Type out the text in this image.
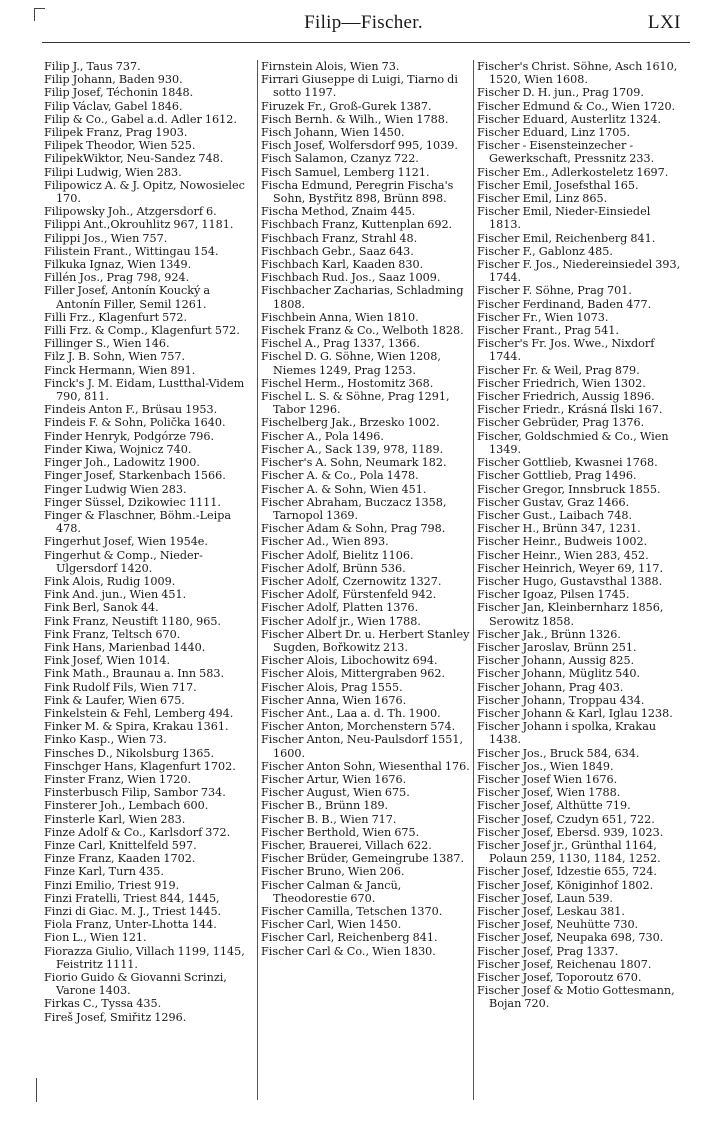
Filip—Fischer.	LXI
Filip J., Taus 737.
Filip Johann, Baden 930.
Filip Josef, Téchonin 1848.
Filip Václav, Gabel 1846.
Filip & Co., Gabel a.d. Adler 1612.
Filipek Franz, Prag 1903.
Filipek Theodor, Wien 525.
FilipekWiktor, Neu-Sandez 748.
Filipi Ludwig, Wien 283.
Filipowicz A. & J. Opitz, Nowosielec 170.
Filipowsky Joh., Atzgersdorf 6.
Filippi Ant.,Okrouhlitz 967, 1181.
Filippi Jos., Wien 757.
Filistein Frant., Wittingau 154.
Filkuka Ignaz, Wien 1349.
Fillén Jos., Prag 798, 924.
Filler Josef, Antonín Koucký a Antonín Filler, Semil 1261.
Filli Frz., Klagenfurt 572.
Filli Frz. & Comp., Klagenfurt 572.
Fillinger S., Wien 146.
Filz J. B. Sohn, Wien 757.
Finck Hermann, Wien 891.
Finck's J. M. Eidam, Lustthal-Videm 790, 811.
Findeis Anton F., Brüsau 1953.
Findeis F. & Sohn, Polička 1640.
Finder Henryk, Podgórze 796.
Finder Kiwa, Wojnicz 740.
Finger Joh., Ladowitz 1900.
Finger Josef, Starkenbach 1566.
Finger Ludwig Wien 283.
Finger Süssel, Dzikowiec 1111.
Finger & Flaschner, Böhm.-Leipa 478.
Fingerhut Josef, Wien 1954e.
Fingerhut & Comp., Nieder-Ulgersdorf 1420.
Fink Alois, Rudig 1009.
Fink And. jun., Wien 451.
Fink Berl, Sanok 44.
Fink Franz, Neustift 1180, 965.
Fink Franz, Teltsch 670.
Fink Hans, Marienbad 1440.
Fink Josef, Wien 1014.
Fink Math., Braunau a. Inn 583.
Fink Rudolf Fils, Wien 717.
Fink & Laufer, Wien 675.
Finkelstein & Fehl, Lemberg 494.
Finker M. & Spira, Krakau 1361.
Finko Kasp., Wien 73.
Finsches D., Nikolsburg 1365.
Finschger Hans, Klagenfurt 1702.
Finster Franz, Wien 1720.
Finsterbusch Filip, Sambor 734.
Finsterer Joh., Lembach 600.
Finsterle Karl, Wien 283.
Finze Adolf & Co., Karlsdorf 372.
Finze Carl, Knittelfeld 597.
Finze Franz, Kaaden 1702.
Finze Karl, Turn 435.
Finzi Emilio, Triest 919.
Finzi Fratelli, Triest 844, 1445,
Finzi di Giac. M. J., Triest 1445.
Fiola Franz, Unter-Lhotta 144.
Fion L., Wien 121.
Fiorazza Giulio, Villach 1199, 1145, Feistritz 1111.
Fiorio Guido & Giovanni Scrinzi, Varone 1403.
Firkas C., Tyssa 435.
Fireš Josef, Smiřitz 1296.
Firnstein Alois, Wien 73.
Firrari Giuseppe di Luigi, Tiarno di sotto 1197.
Firuzek Fr., Groß-Gurek 1387.
Fisch Bernh. & Wilh., Wien 1788.
Fisch Johann, Wien 1450.
Fisch Josef, Wolfersdorf 995, 1039.
Fisch Salamon, Czanyz 722.
Fisch Samuel, Lemberg 1121.
Fischa Edmund, Peregrin Fischa's Sohn, Bystřitz 898, Brünn 898.
Fischa Method, Znaim 445.
Fischbach Franz, Kuttenplan 692.
Fischbach Franz, Strahl 48.
Fischbach Gebr., Saaz 643.
Fischbach Karl, Kaaden 830.
Fischbach Rud. Jos., Saaz 1009.
Fischbacher Zacharias, Schladming 1808.
Fischbein Anna, Wien 1810.
Fischek Franz & Co., Welboth 1828.
Fischel A., Prag 1337, 1366.
Fischel D. G. Söhne, Wien 1208, Niemes 1249, Prag 1253.
Fischel Herm., Hostomitz 368.
Fischel L. S. & Söhne, Prag 1291, Tabor 1296.
Fischelberg Jak., Brzesko 1002.
Fischer A., Pola 1496.
Fischer A., Sack 139, 978, 1189.
Fischer's A. Sohn, Neumark 182.
Fischer A. & Co., Pola 1478.
Fischer A. & Sohn, Wien 451.
Fischer Abraham, Buczacz 1358, Tarnopol 1369.
Fischer Adam & Sohn, Prag 798.
Fischer Ad., Wien 893.
Fischer Adolf, Bielitz 1106.
Fischer Adolf, Brünn 536.
Fischer Adolf, Czernowitz 1327.
Fischer Adolf, Fürstenfeld 942.
Fischer Adolf, Platten 1376.
Fischer Adolf jr., Wien 1788.
Fischer Albert Dr. u. Herbert Stanley Sugden, Bořkowitz 213.
Fischer Alois, Libochowitz 694.
Fischer Alois, Mittergraben 962.
Fischer Alois, Prag 1555.
Fischer Anna, Wien 1676.
Fischer Ant., Laa a. d. Th. 1900.
Fischer Anton, Morchenstern 574.
Fischer Anton, Neu-Paulsdorf 1551, 1600.
Fischer Anton Sohn, Wiesenthal 176.
Fischer Artur, Wien 1676.
Fischer August, Wien 675.
Fischer B., Brünn 189.
Fischer B. B., Wien 717.
Fischer Berthold, Wien 675.
Fischer, Brauerei, Villach 622.
Fischer Brüder, Gemeingrube 1387.
Fischer Bruno, Wien 206.
Fischer Calman & Jancü, Theodorestie 670.
Fischer Camilla, Tetschen 1370.
Fischer Carl, Wien 1450.
Fischer Carl, Reichenberg 841.
Fischer Carl & Co., Wien 1830.
Fischer's Christ. Söhne, Asch 1610, 1520, Wien 1608.
Fischer D. H. jun., Prag 1709.
Fischer Edmund & Co., Wien 1720.
Fischer Eduard, Austerlitz 1324.
Fischer Eduard, Linz 1705.
Fischer - Eisensteinzecher - Gewerkschaft, Pressnitz 233.
Fischer Em., Adlerkosteletz 1697.
Fischer Emil, Josefsthal 165.
Fischer Emil, Linz 865.
Fischer Emil, Nieder-Einsiedel 1813.
Fischer Emil, Reichenberg 841.
Fischer F., Gablonz 485.
Fischer F. Jos., Niedereinsiedel 393, 1744.
Fischer F. Söhne, Prag 701.
Fischer Ferdinand, Baden 477.
Fischer Fr., Wien 1073.
Fischer Frant., Prag 541.
Fischer's Fr. Jos. Wwe., Nixdorf 1744.
Fischer Fr. & Weil, Prag 879.
Fischer Friedrich, Wien 1302.
Fischer Friedrich, Aussig 1896.
Fischer Friedr., Krásná Ilski 167.
Fischer Gebrüder, Prag 1376.
Fischer, Goldschmied & Co., Wien 1349.
Fischer Gottlieb, Kwasnei 1768.
Fischer Gottlieb, Prag 1496.
Fischer Gregor, Innsbruck 1855.
Fischer Gustav, Graz 1466.
Fischer Gust., Laibach 748.
Fischer H., Brünn 347, 1231.
Fischer Heinr., Budweis 1002.
Fischer Heinr., Wien 283, 452.
Fischer Heinrich, Weyer 69, 117.
Fischer Hugo, Gustavsthal 1388.
Fischer Igoaz, Pilsen 1745.
Fischer Jan, Kleinbernharz 1856, Serowitz 1858.
Fischer Jak., Brünn 1326.
Fischer Jaroslav, Brünn 251.
Fischer Johann, Aussig 825.
Fischer Johann, Müglitz 540.
Fischer Johann, Prag 403.
Fischer Johann, Troppau 434.
Fischer Johann & Karl, Iglau 1238.
Fischer Johann i spolka, Krakau 1438.
Fischer Jos., Bruck 584, 634.
Fischer Jos., Wien 1849.
Fischer Josef Wien 1676.
Fischer Josef, Wien 1788.
Fischer Josef, Althütte 719.
Fischer Josef, Czudyn 651, 722.
Fischer Josef, Ebersd. 939, 1023.
Fischer Josef jr., Grünthal 1164, Polaun 259, 1130, 1184, 1252.
Fischer Josef, Idzestie 655, 724.
Fischer Josef, Königinhof 1802.
Fischer Josef, Laun 539.
Fischer Josef, Leskau 381.
Fischer Josef, Neuhütte 730.
Fischer Josef, Neupaka 698, 730.
Fischer Josef, Prag 1337.
Fischer Josef, Reichenau 1807.
Fischer Josef, Toporoutz 670.
Fischer Josef & Motio Gottesmann, Bojan 720.
